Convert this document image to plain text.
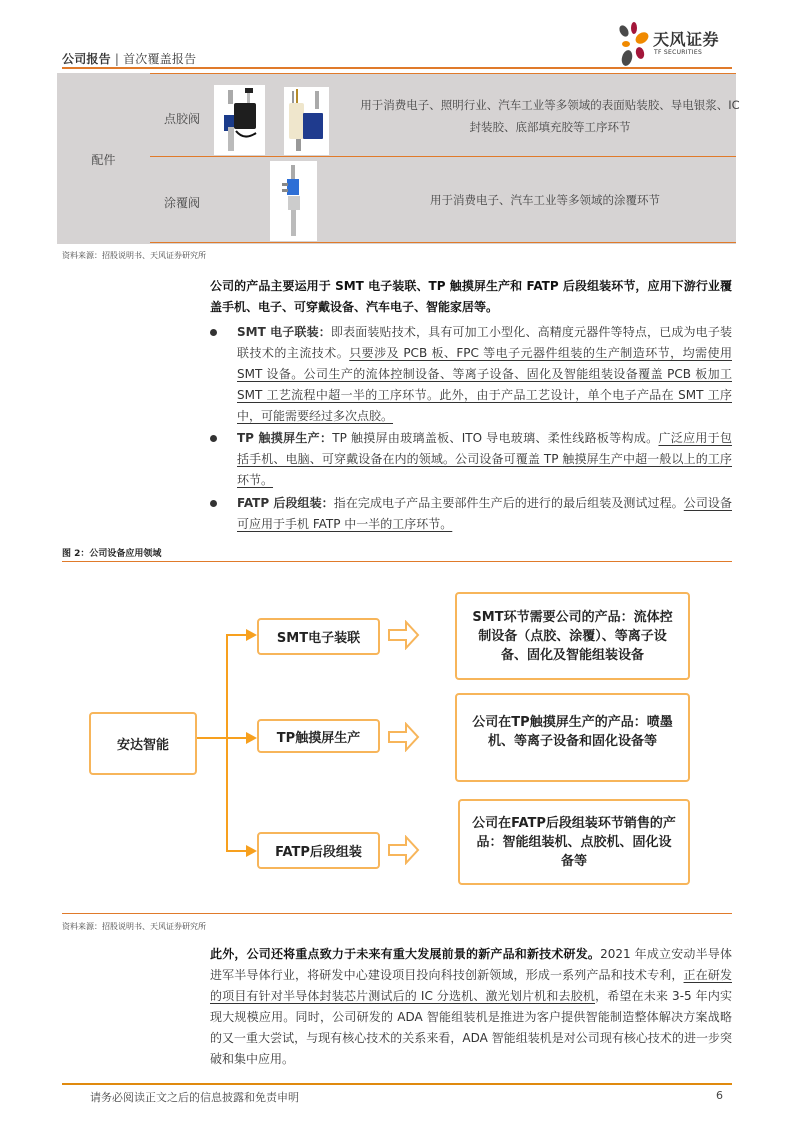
公司报告 | 首次覆盖报告
天风证券
TF SECURITIES
配件
点胶阀
用于消费电子、照明行业、汽车工业等多领域的表面贴装胶、导电银浆、IC 封装胶、底部填充胶等工序环节
涂覆阀	用于消费电子、汽车工业等多领域的涂覆环节
资料来源：招股说明书、天风证券研究所
公司的产品主要运用于 SMT 电子装联、TP 触摸屏生产和 FATP 后段组装环节，应用下游行业覆盖手机、电子、可穿戴设备、汽车电子、智能家居等。
SMT 电子联装：即表面装贴技术，具有可加工小型化、高精度元器件等特点，已成为电子装联技术的主流技术。只要涉及 PCB 板、FPC 等电子元器件组装的生产制造环节，均需使用 SMT 设备。公司生产的流体控制设备、等离子设备、固化及智能组装设备覆盖 PCB 板加工 SMT 工艺流程中超一半的工序环节。此外，由于产品工艺设计，单个电子产品在 SMT 工序中，可能需要经过多次点胶。
TP 触摸屏生产：TP 触摸屏由玻璃盖板、ITO 导电玻璃、柔性线路板等构成。广泛应用于包括手机、电脑、可穿戴设备在内的领域。公司设备可覆盖 TP 触摸屏生产中超一般以上的工序环节。
FATP 后段组装：指在完成电子产品主要部件生产后的进行的最后组装及测试过程。公司设备可应用于手机 FATP 中一半的工序环节。
图 2：公司设备应用领域
安达智能
SMT电子装联
TP触摸屏生产
FATP后段组装
SMT环节需要公司的产品：流体控制设备（点胶、涂覆）、等离子设备、固化及智能组装设备
公司在TP触摸屏生产的产品：喷墨机、等离子设备和固化设备等
公司在FATP后段组装环节销售的产品：智能组装机、点胶机、固化设备等
资料来源：招股说明书、天风证券研究所
此外，公司还将重点致力于未来有重大发展前景的新产品和新技术研发。2021 年成立安动半导体进军半导体行业，将研发中心建设项目投向科技创新领域，形成一系列产品和技术专利，正在研发的项目有针对半导体封装芯片测试后的 IC 分选机、激光划片机和去胶机，希望在未来 3-5 年内实现大规模应用。同时，公司研发的 ADA 智能组装机是推进为客户提供智能制造整体解决方案战略的又一重大尝试，与现有核心技术的关系来看，ADA 智能组装机是对公司现有核心技术的进一步突破和集中应用。
请务必阅读正文之后的信息披露和免责申明	6
